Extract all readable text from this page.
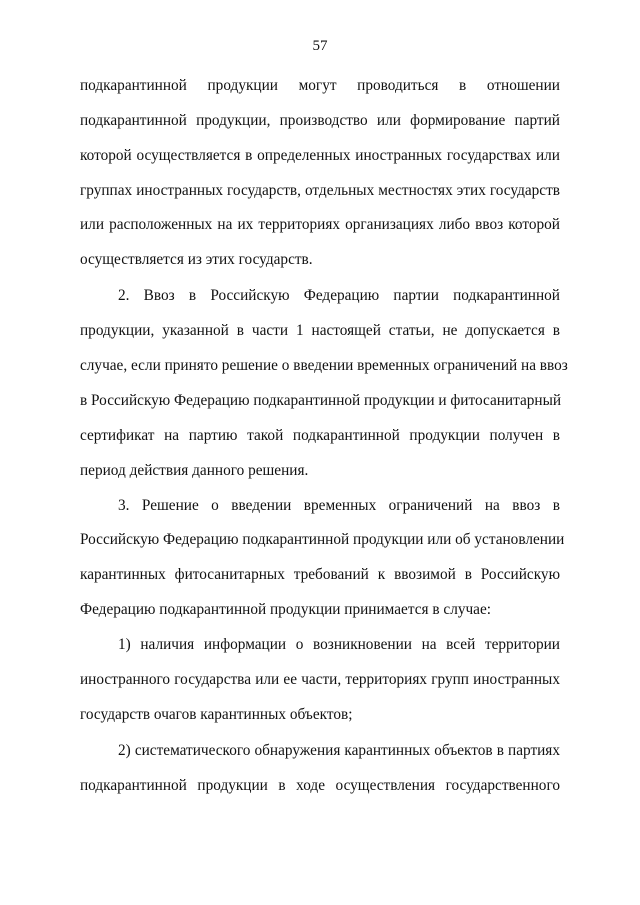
57
подкарантинной продукции могут проводиться в отношении
подкарантинной продукции, производство или формирование партий
которой осуществляется в определенных иностранных государствах или
группах иностранных государств, отдельных местностях этих государств
или расположенных на их территориях организациях либо ввоз которой
осуществляется из этих государств.
2. Ввоз в Российскую Федерацию партии подкарантинной
продукции, указанной в части 1 настоящей статьи, не допускается в
случае, если принято решение о введении временных ограничений на ввоз
в Российскую Федерацию подкарантинной продукции и фитосанитарный
сертификат на партию такой подкарантинной продукции получен в
период действия данного решения.
3. Решение о введении временных ограничений на ввоз в
Российскую Федерацию подкарантинной продукции или об установлении
карантинных фитосанитарных требований к ввозимой в Российскую
Федерацию подкарантинной продукции принимается в случае:
1) наличия информации о возникновении на всей территории
иностранного государства или ее части, территориях групп иностранных
государств очагов карантинных объектов;
2) систематического обнаружения карантинных объектов в партиях
подкарантинной продукции в ходе осуществления государственного
